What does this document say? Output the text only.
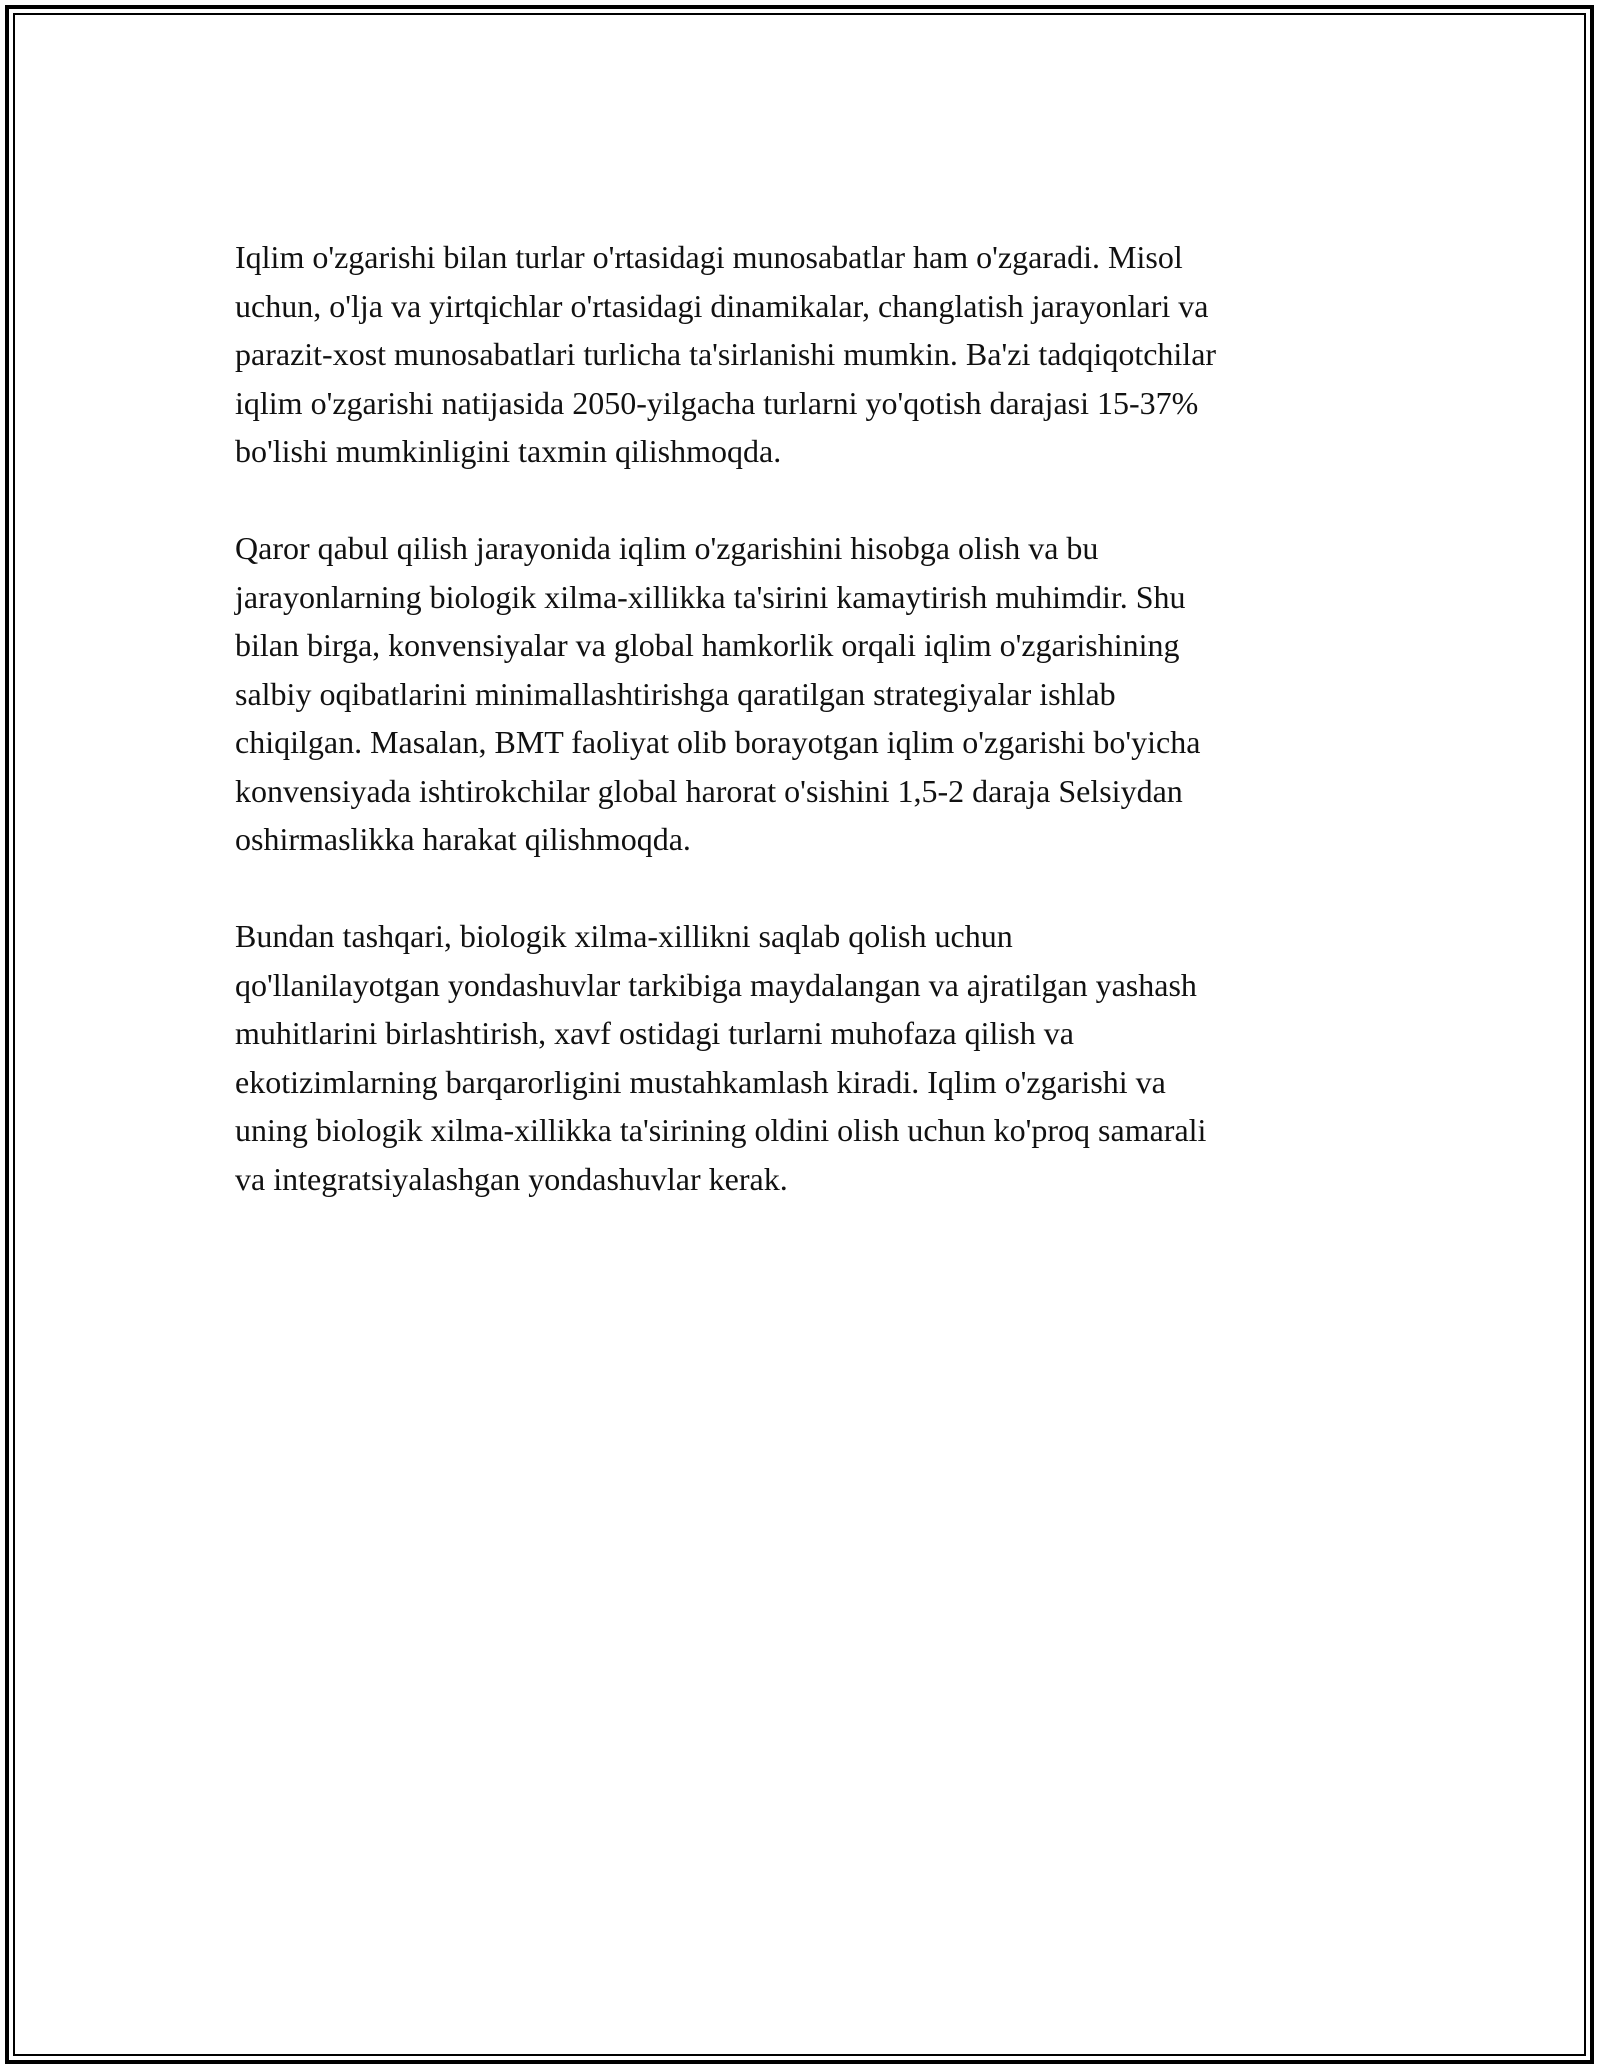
Iqlim o'zgarishi bilan turlar o'rtasidagi munosabatlar ham o'zgaradi. Misol
uchun, o'lja va yirtqichlar o'rtasidagi dinamikalar, changlatish jarayonlari va
parazit-xost munosabatlari turlicha ta'sirlanishi mumkin. Ba'zi tadqiqotchilar
iqlim o'zgarishi natijasida 2050-yilgacha turlarni yo'qotish darajasi 15-37%
bo'lishi mumkinligini taxmin qilishmoqda.

Qaror qabul qilish jarayonida iqlim o'zgarishini hisobga olish va bu
jarayonlarning biologik xilma-xillikka ta'sirini kamaytirish muhimdir. Shu
bilan birga, konvensiyalar va global hamkorlik orqali iqlim o'zgarishining
salbiy oqibatlarini minimallashtirishga qaratilgan strategiyalar ishlab
chiqilgan. Masalan, BMT faoliyat olib borayotgan iqlim o'zgarishi bo'yicha
konvensiyada ishtirokchilar global harorat o'sishini 1,5-2 daraja Selsiydan
oshirmaslikka harakat qilishmoqda.

Bundan tashqari, biologik xilma-xillikni saqlab qolish uchun
qo'llanilayotgan yondashuvlar tarkibiga maydalangan va ajratilgan yashash
muhitlarini birlashtirish, xavf ostidagi turlarni muhofaza qilish va
ekotizimlarning barqarorligini mustahkamlash kiradi. Iqlim o'zgarishi va
uning biologik xilma-xillikka ta'sirining oldini olish uchun ko'proq samarali
va integratsiyalashgan yondashuvlar kerak.
